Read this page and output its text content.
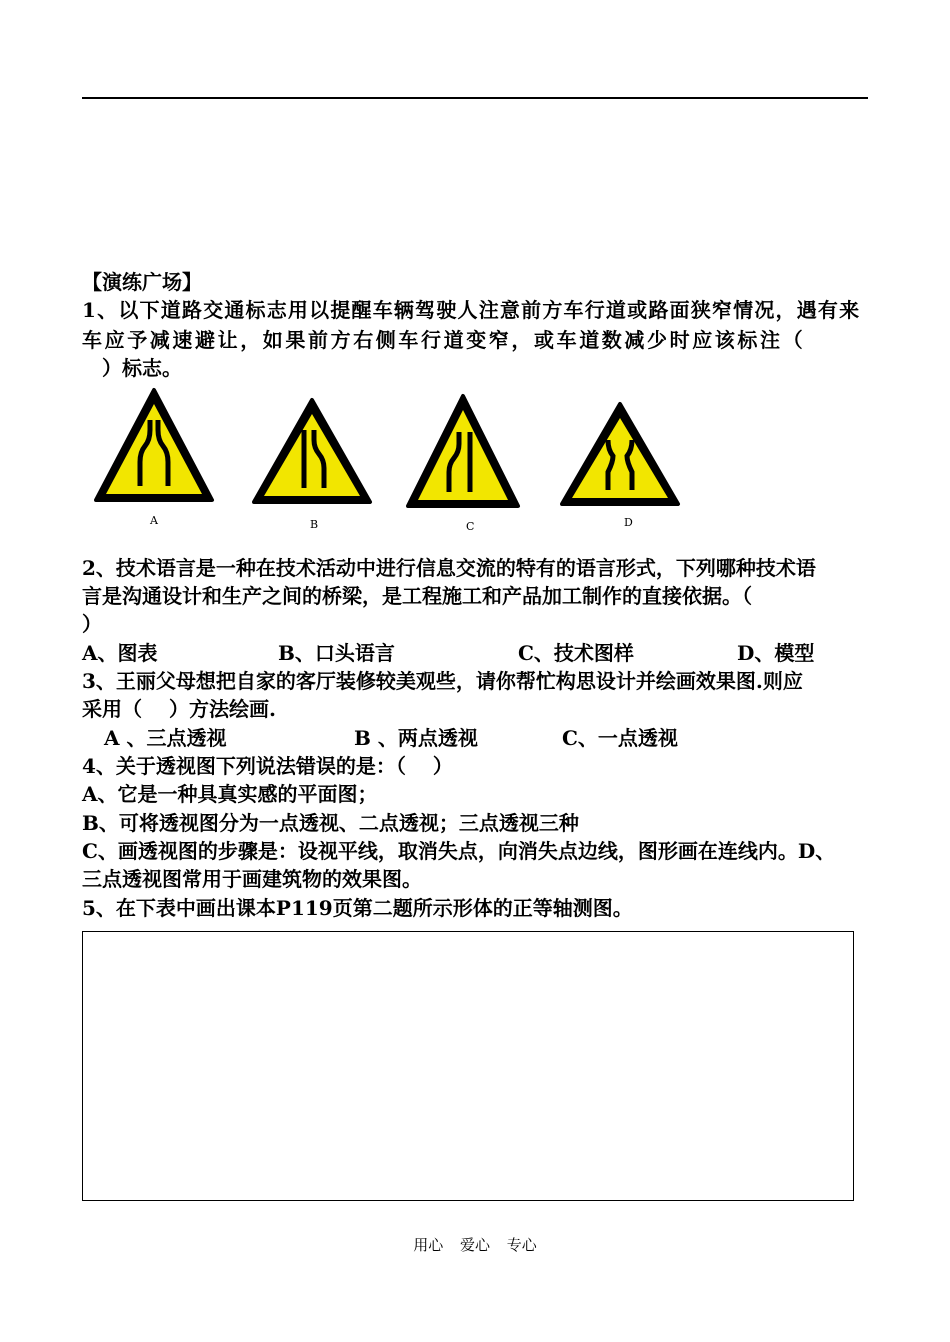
【演练广场】
1、以下道路交通标志用以提醒车辆驾驶人注意前方车行道或路面狭窄情况，遇有来
车应予减速避让，如果前方右侧车行道变窄，或车道数减少时应该标注（
）标志。
A	B	C	D
2、技术语言是一种在技术活动中进行信息交流的特有的语言形式，下列哪种技术语
言是沟通设计和生产之间的桥梁，是工程施工和产品加工制作的直接依据。（
）
A、图表	B、口头语言	C、技术图样	D、模型
3、王丽父母想把自家的客厅装修较美观些，请你帮忙构思设计并绘画效果图.则应
采用（　 ）方法绘画.
A 、三点透视	B 、两点透视	C、一点透视
4、关于透视图下列说法错误的是：（　 ）
A、它是一种具真实感的平面图；
B、可将透视图分为一点透视、二点透视；三点透视三种
C、画透视图的步骤是：设视平线，取消失点，向消失点边线，图形画在连线内。D、
三点透视图常用于画建筑物的效果图。
5、在下表中画出课本P119页第二题所示形体的正等轴测图。
用心 爱心 专心
